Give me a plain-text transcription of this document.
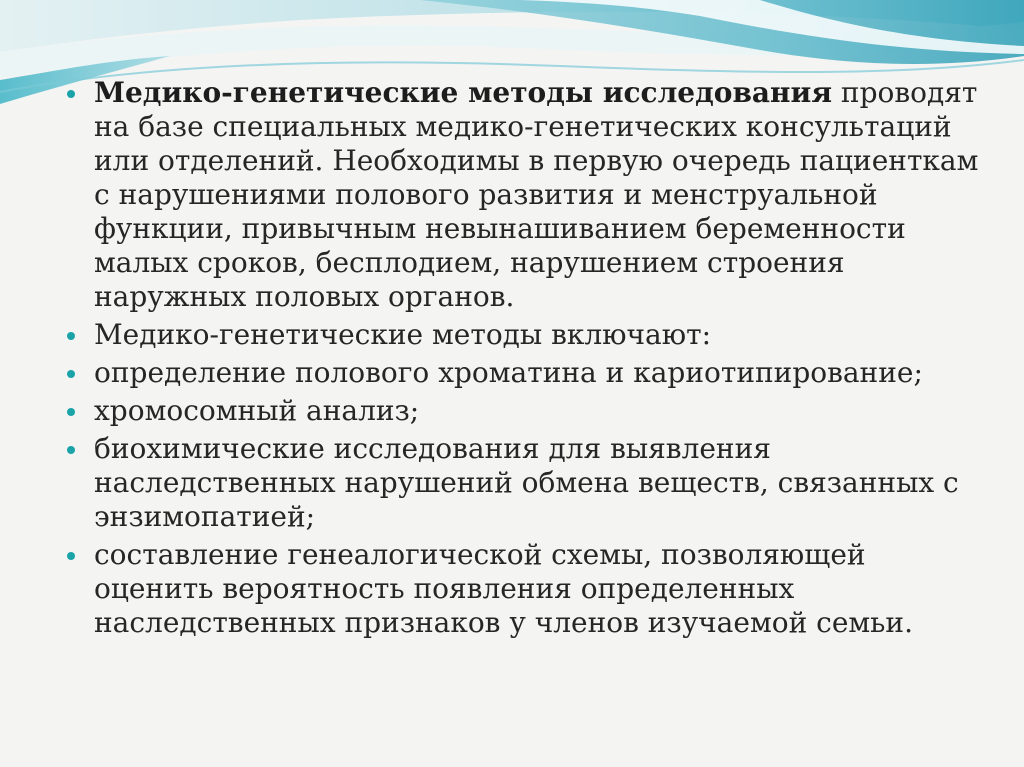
Медико-генетические методы исследования проводят на базе специальных медико-генетических консультаций или отделений. Необходимы в первую очередь пациенткам с нарушениями полового развития и менструальной функции, привычным невынашиванием беременности малых сроков, бесплодием, нарушением строения наружных половых органов.
Медико-генетические методы включают:
определение полового хроматина и кариотипирование;
хромосомный анализ;
биохимические исследования для выявления наследственных нарушений обмена веществ, связанных с энзимопатией;
составление генеалогической схемы, позволяющей оценить вероятность появления определенных наследственных признаков у членов изучаемой семьи.
